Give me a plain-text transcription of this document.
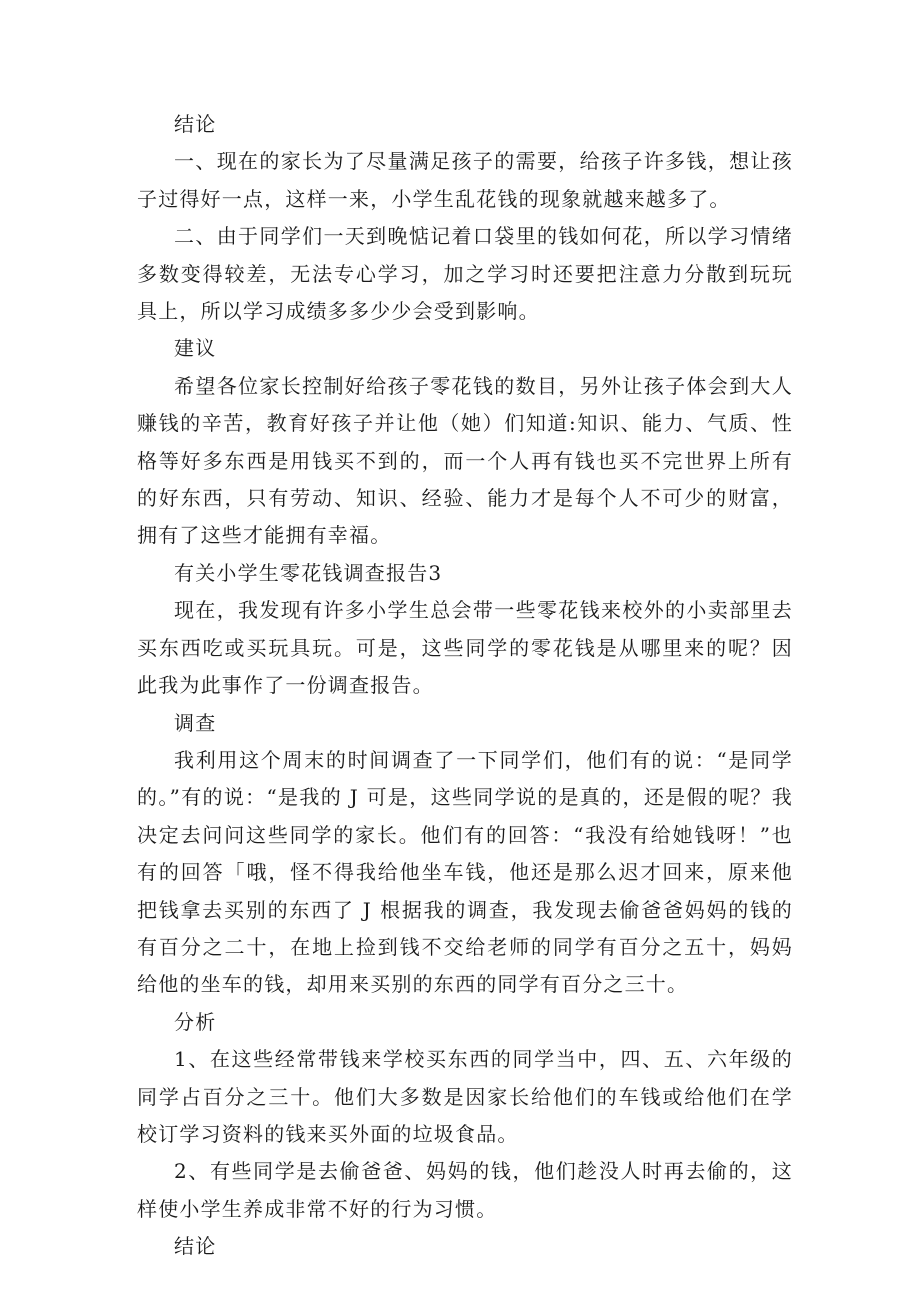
结论

一、现在的家长为了尽量满足孩子的需要，给孩子许多钱，想让孩子过得好一点，这样一来，小学生乱花钱的现象就越来越多了。

二、由于同学们一天到晚惦记着口袋里的钱如何花，所以学习情绪多数变得较差，无法专心学习，加之学习时还要把注意力分散到玩玩具上，所以学习成绩多多少少会受到影响。

建议

希望各位家长控制好给孩子零花钱的数目，另外让孩子体会到大人赚钱的辛苦，教育好孩子并让他（她）们知道:知识、能力、气质、性格等好多东西是用钱买不到的，而一个人再有钱也买不完世界上所有的好东西，只有劳动、知识、经验、能力才是每个人不可少的财富，拥有了这些才能拥有幸福。

有关小学生零花钱调查报告3

现在，我发现有许多小学生总会带一些零花钱来校外的小卖部里去买东西吃或买玩具玩。可是，这些同学的零花钱是从哪里来的呢？因此我为此事作了一份调查报告。

调查

我利用这个周末的时间调查了一下同学们，他们有的说：“是同学的。”有的说：“是我的 J 可是，这些同学说的是真的，还是假的呢？我决定去问问这些同学的家长。他们有的回答：“我没有给她钱呀！”也有的回答「哦，怪不得我给他坐车钱，他还是那么迟才回来，原来他把钱拿去买别的东西了 J 根据我的调查，我发现去偷爸爸妈妈的钱的有百分之二十，在地上捡到钱不交给老师的同学有百分之五十，妈妈给他的坐车的钱，却用来买别的东西的同学有百分之三十。

分析

1、在这些经常带钱来学校买东西的同学当中，四、五、六年级的同学占百分之三十。他们大多数是因家长给他们的车钱或给他们在学校订学习资料的钱来买外面的垃圾食品。

2、有些同学是去偷爸爸、妈妈的钱，他们趁没人时再去偷的，这样使小学生养成非常不好的行为习惯。

结论
